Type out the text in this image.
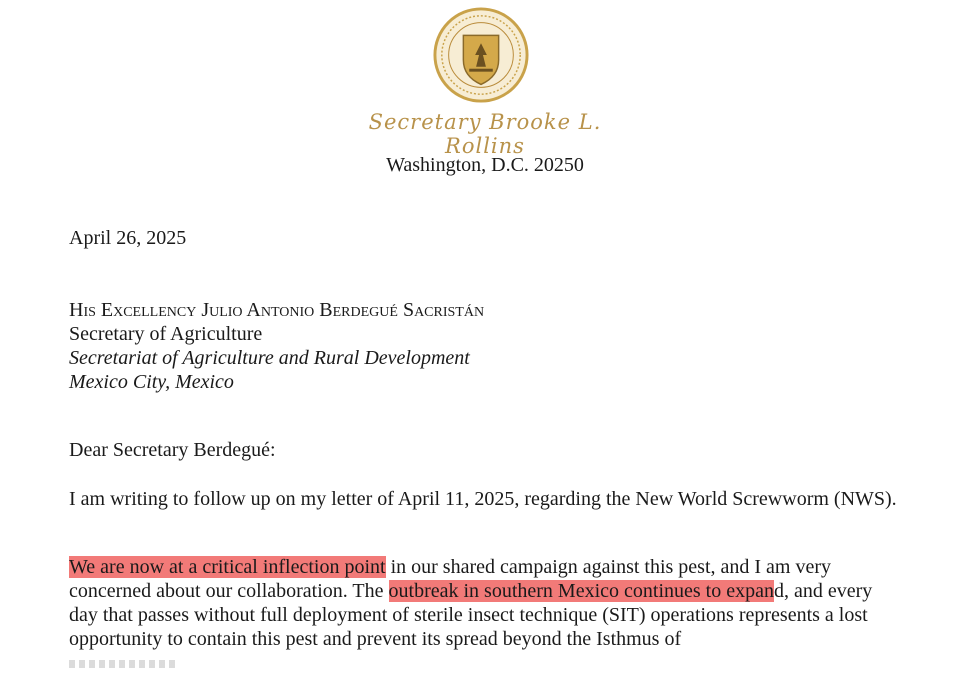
Secretary Brooke L. Rollins
Washington, D.C. 20250
April 26, 2025
His Excellency Julio Antonio Berdegué Sacristán
Secretary of Agriculture
Secretariat of Agriculture and Rural Development
Mexico City, Mexico
Dear Secretary Berdegué:

I am writing to follow up on my letter of April 11, 2025, regarding the New World Screwworm (NWS).

We are now at a critical inflection point in our shared campaign against this pest, and I am very concerned about our collaboration. The outbreak in southern Mexico continues to expand, and every day that passes without full deployment of sterile insect technique (SIT) operations represents a lost opportunity to contain this pest and prevent its spread beyond the Isthmus of
